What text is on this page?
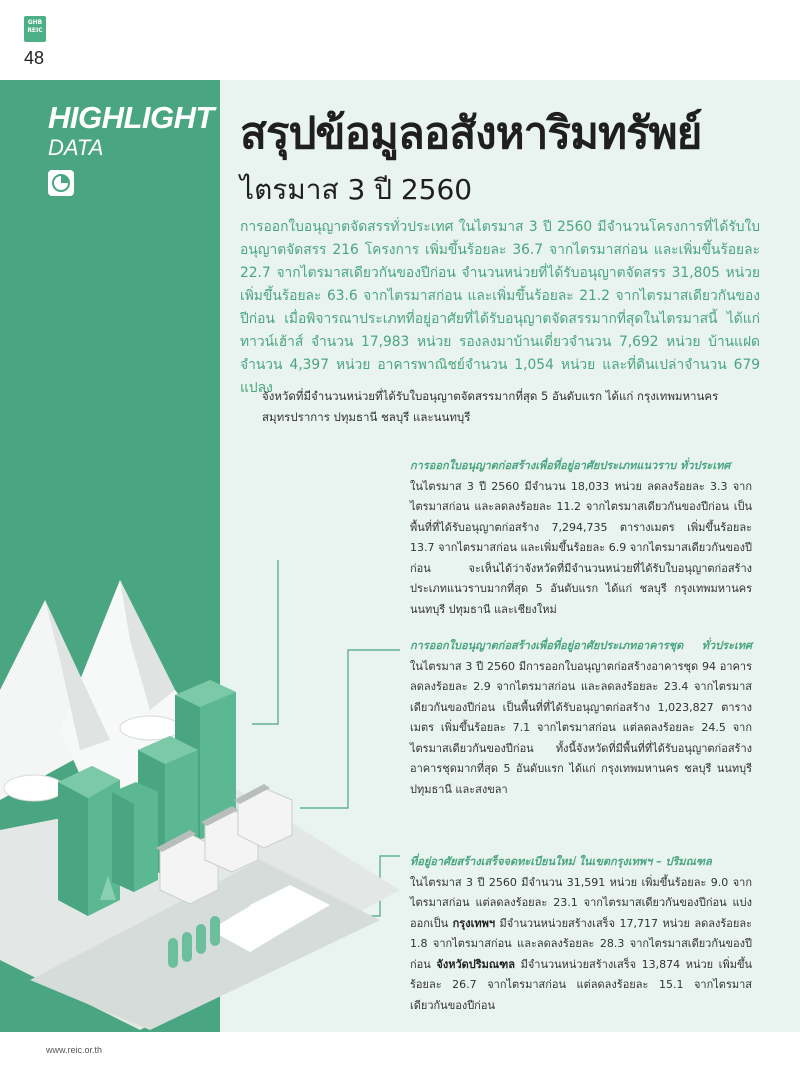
GHB REIC
48
HIGHLIGHT
DATA	สรุปข้อมูลอสังหาริมทรัพย์
ไตรมาส 3 ปี 2560
การออกใบอนุญาตจัดสรรทั่วประเทศ ในไตรมาส 3 ปี 2560 มีจำนวนโครงการที่ได้รับใบอนุญาตจัดสรร 216 โครงการ เพิ่มขึ้นร้อยละ 36.7 จากไตรมาสก่อน และเพิ่มขึ้นร้อยละ 22.7 จากไตรมาสเดียวกันของปีก่อน จำนวนหน่วยที่ได้รับอนุญาตจัดสรร 31,805 หน่วย เพิ่มขึ้นร้อยละ 63.6 จากไตรมาสก่อน และเพิ่มขึ้นร้อยละ 21.2 จากไตรมาสเดียวกันของปีก่อน เมื่อพิจารณาประเภทที่อยู่อาศัยที่ได้รับอนุญาตจัดสรรมากที่สุดในไตรมาสนี้ ได้แก่ ทาวน์เฮ้าส์ จำนวน 17,983 หน่วย รองลงมาบ้านเดี่ยวจำนวน 7,692 หน่วย บ้านแฝดจำนวน 4,397 หน่วย อาคารพาณิชย์จำนวน 1,054 หน่วย และที่ดินเปล่าจำนวน 679 แปลง
จังหวัดที่มีจำนวนหน่วยที่ได้รับใบอนุญาตจัดสรรมากที่สุด 5 อันดับแรก ได้แก่ กรุงเทพมหานคร สมุทรปราการ ปทุมธานี ชลบุรี และนนทบุรี
การออกใบอนุญาตก่อสร้างเพื่อที่อยู่อาศัยประเภทแนวราบ ทั่วประเทศ
ในไตรมาส 3 ปี 2560 มีจำนวน 18,033 หน่วย ลดลงร้อยละ 3.3 จากไตรมาสก่อน และลดลงร้อยละ 11.2 จากไตรมาสเดียวกันของปีก่อน เป็นพื้นที่ที่ได้รับอนุญาตก่อสร้าง 7,294,735 ตารางเมตร เพิ่มขึ้นร้อยละ 13.7 จากไตรมาสก่อน และเพิ่มขึ้นร้อยละ 6.9 จากไตรมาสเดียวกันของปีก่อน จะเห็นได้ว่าจังหวัดที่มีจำนวนหน่วยที่ได้รับใบอนุญาตก่อสร้างประเภทแนวราบมากที่สุด 5 อันดับแรก ได้แก่ ชลบุรี กรุงเทพมหานคร นนทบุรี ปทุมธานี และเชียงใหม่
การออกใบอนุญาตก่อสร้างเพื่อที่อยู่อาศัยประเภทอาคารชุด ทั่วประเทศ ในไตรมาส 3 ปี 2560 มีการออกใบอนุญาตก่อสร้างอาคารชุด 94 อาคาร ลดลงร้อยละ 2.9 จากไตรมาสก่อน และลดลงร้อยละ 23.4 จากไตรมาสเดียวกันของปีก่อน เป็นพื้นที่ที่ได้รับอนุญาตก่อสร้าง 1,023,827 ตารางเมตร เพิ่มขึ้นร้อยละ 7.1 จากไตรมาสก่อน แต่ลดลงร้อยละ 24.5 จากไตรมาสเดียวกันของปีก่อน ทั้งนี้จังหวัดที่มีพื้นที่ที่ได้รับอนุญาตก่อสร้างอาคารชุดมากที่สุด 5 อันดับแรก ได้แก่ กรุงเทพมหานคร ชลบุรี นนทบุรี ปทุมธานี และสงขลา
ที่อยู่อาศัยสร้างเสร็จจดทะเบียนใหม่ ในเขตกรุงเทพฯ – ปริมณฑล
ในไตรมาส 3 ปี 2560 มีจำนวน 31,591 หน่วย เพิ่มขึ้นร้อยละ 9.0 จากไตรมาสก่อน แต่ลดลงร้อยละ 23.1 จากไตรมาสเดียวกันของปีก่อน แบ่งออกเป็น กรุงเทพฯ มีจำนวนหน่วยสร้างเสร็จ 17,717 หน่วย ลดลงร้อยละ 1.8 จากไตรมาสก่อน และลดลงร้อยละ 28.3 จากไตรมาสเดียวกันของปีก่อน จังหวัดปริมณฑล มีจำนวนหน่วยสร้างเสร็จ 13,874 หน่วย เพิ่มขึ้นร้อยละ 26.7 จากไตรมาสก่อน แต่ลดลงร้อยละ 15.1 จากไตรมาสเดียวกันของปีก่อน
www.reic.or.th
